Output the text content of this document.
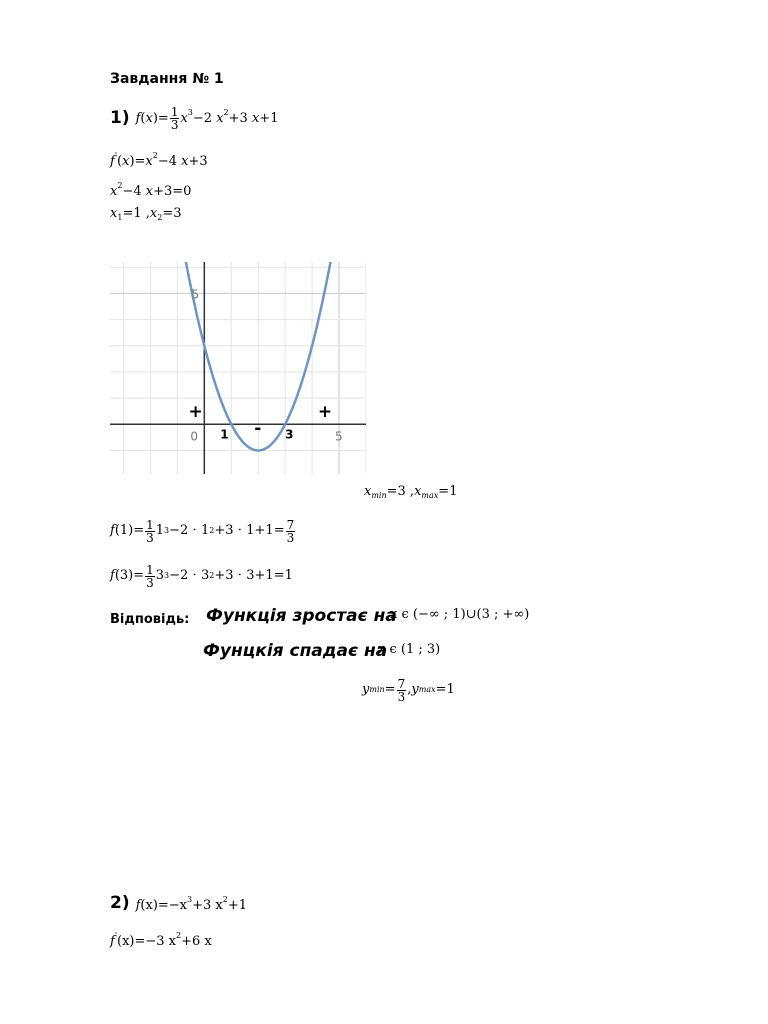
Завдання № 1
1) $f(x)= \frac{1}{3} x^3-2$ $x^2+3$ x+1
$f'(x)=x^2-4$ x+3
$x^2-4$ x+3=0
$x_1=1$ $,x_2=3$
0	5
5
1	3
+
-
+
$x_{min}=3$ $,x_{max}=1$
f $(1)= \frac{1}{3} 1$ 3 −2 ⋅ 1 $2 +3 \cdot 1+1= \frac{7}{3}$
f $(3)= \frac{1}{3} 3$ 3 −2 ⋅ 3 2 +3 ⋅ 3+1=1
Відповідь: Функція зростає на
x ϵ (−∞ ; 1)∪(3 ; +∞)
Фунцкія спадає на
x ϵ (1 ; 3)
y $\min = \frac{7}{3}$ , y max =1
2) $f(x)=-x^3+3$ $x^2+1$
f'(x)=−3 $x^2+6$ x
